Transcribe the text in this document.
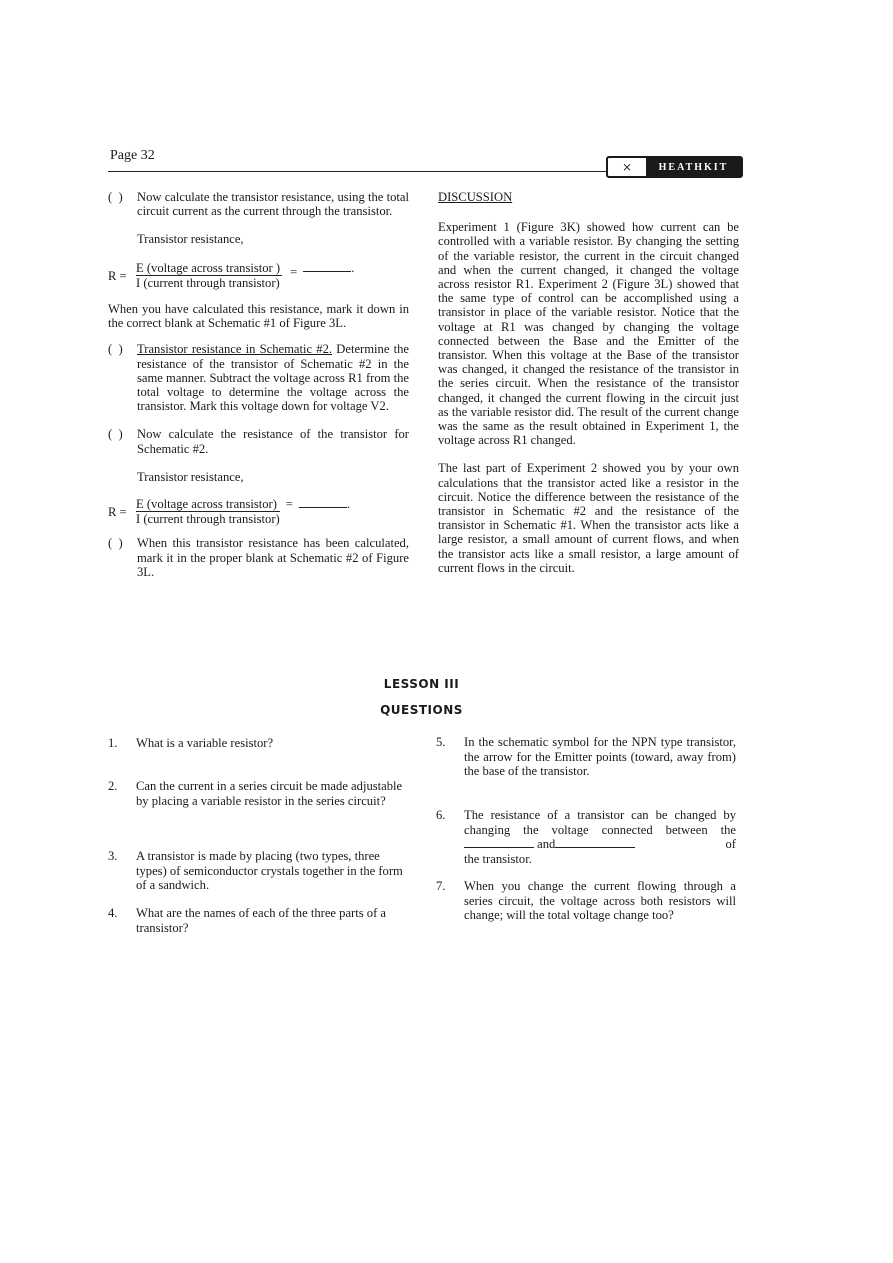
Page 32
⨯	HEATHKIT
(  )	Now calculate the transistor resistance, using the total circuit current as the current through the transistor.
Transistor resistance,
$R = \frac{\text{E (voltage across transistor )}}{\text{I (current through transistor)}}$ =	.
When you have calculated this resistance, mark it down in the correct blank at Schematic #1 of Figure 3L.
(  )	Transistor resistance in Schematic #2. Determine the resistance of the transistor of Schematic #2 in the same manner. Subtract the voltage across R1 from the total voltage to determine the voltage across the transistor. Mark this voltage down for voltage V2.
(  )	Now calculate the resistance of the transistor for Schematic #2.
Transistor resistance,
$R = \frac{\text{E (voltage across transistor)}}{\text{I (current through transistor)}}$ =	.
(  )	When this transistor resistance has been calculated, mark it in the proper blank at Schematic #2 of Figure 3L.
DISCUSSION
Experiment 1 (Figure 3K) showed how current can be controlled with a variable resistor. By changing the setting of the variable resistor, the current in the circuit changed and when the current changed, it changed the voltage across resistor R1. Experiment 2 (Figure 3L) showed that the same type of control can be accomplished using a transistor in place of the variable resistor. Notice that the voltage at R1 was changed by changing the voltage connected between the Base and the Emitter of the transistor. When this voltage at the Base of the transistor was changed, it changed the resistance of the transistor in the series circuit. When the resistance of the transistor changed, it changed the current flowing in the circuit just as the variable resistor did. The result of the current change was the same as the result obtained in Experiment 1, the voltage across R1 changed.
The last part of Experiment 2 showed you by your own calculations that the transistor acted like a resistor in the circuit. Notice the difference between the resistance of the transistor in Schematic #2 and the resistance of the transistor in Schematic #1. When the transistor acts like a large resistor, a small amount of current flows, and when the transistor acts like a small resistor, a large amount of current flows in the circuit.
LESSON III
QUESTIONS
1. What is a variable resistor?
2. Can the current in a series circuit be made adjustable by placing a variable resistor in the series circuit?
3. A transistor is made by placing (two types, three types) of semiconductor crystals together in the form of a sandwich.
4. What are the names of each of the three parts of a transistor?
5. In the schematic symbol for the NPN type transistor, the arrow for the Emitter points (toward, away from) the base of the transistor.
6. The resistance of a transistor can be changed by changing the voltage connected between the  and	of
the transistor.
7. When you change the current flowing through a series circuit, the voltage across both resistors will change; will the total voltage change too?
